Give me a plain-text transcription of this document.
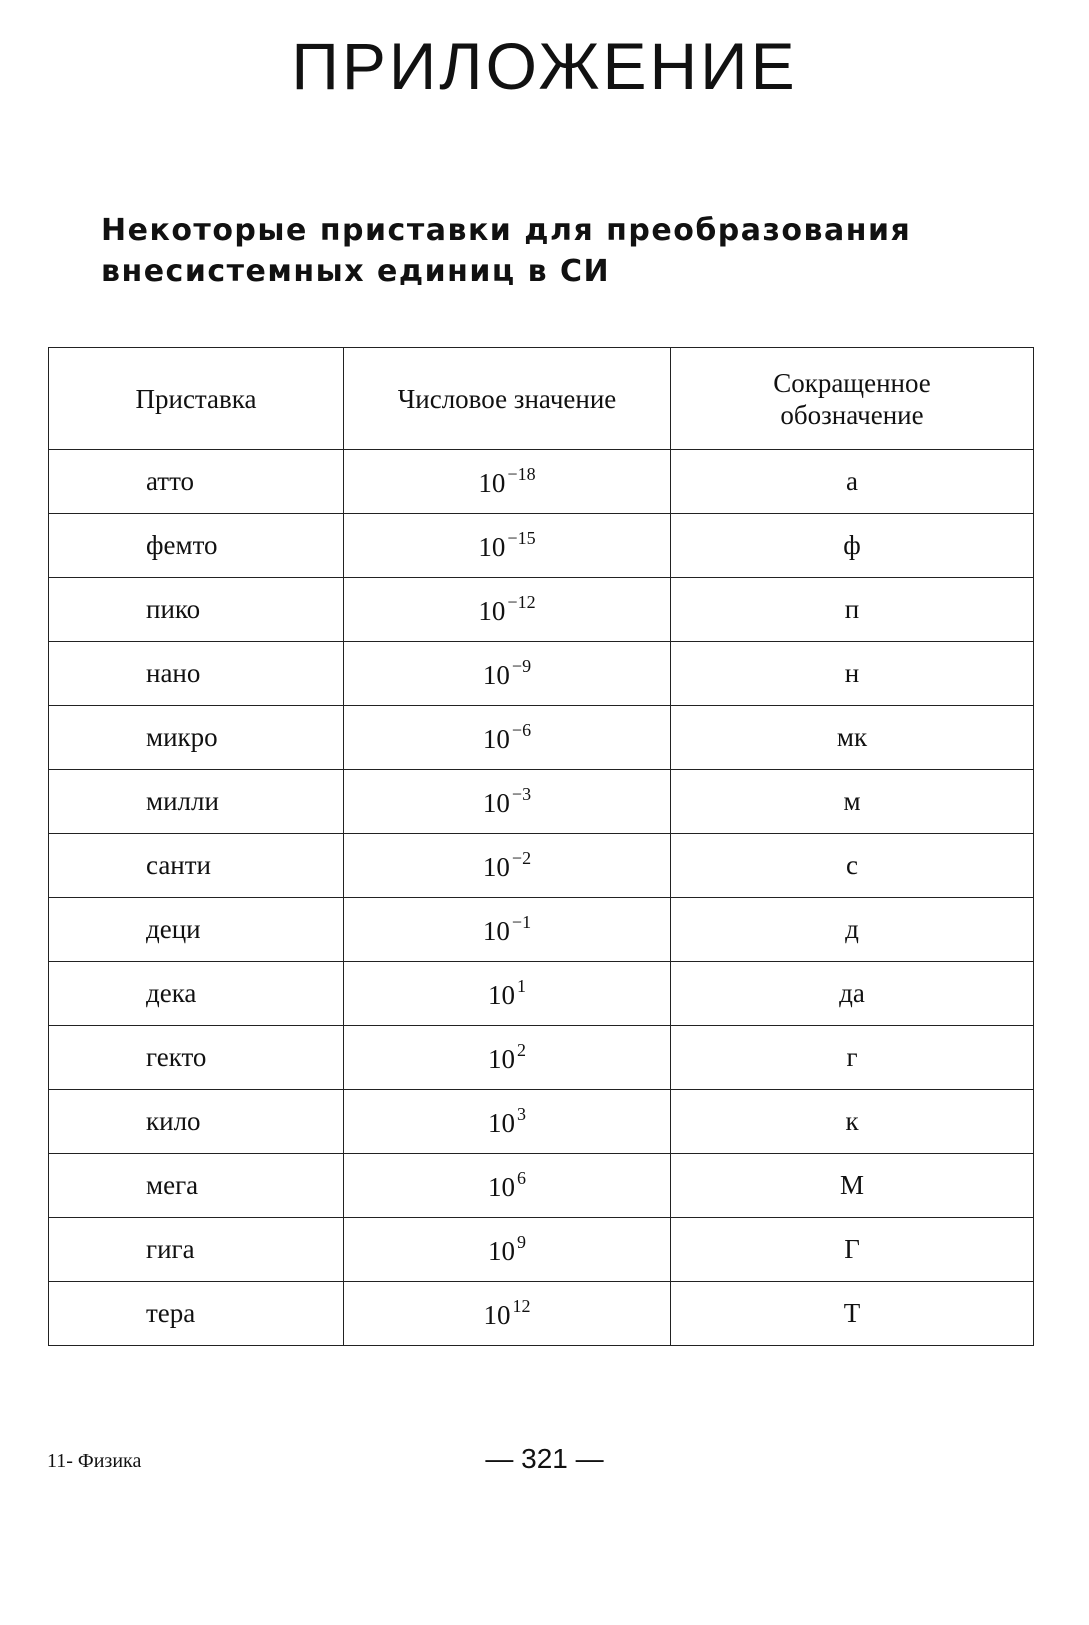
ПРИЛОЖЕНИЕ
Некоторые приставки для преобразования
внесистемных единиц в СИ
Приставка	Числовое значение	Сокращенное
обозначение

атто	10 $^{-18}$	а
фемто	10 $^{-15}$	ф
пико	10 $^{-12}$	п
нано	10 $^{-9}$	н
микро	10 $^{-6}$	мк
милли	10 $^{-3}$	м
санти	10 $^{-2}$	с
деци	10 $^{-1}$	д
дека	10 $^1$	да
гекто	10 $^2$	г
кило	10 $^3$	к
мега	10 $^6$	М
гига	10 $^9$	Г
тера	10 $^{12}$	Т
11- Физика	— 321 —
